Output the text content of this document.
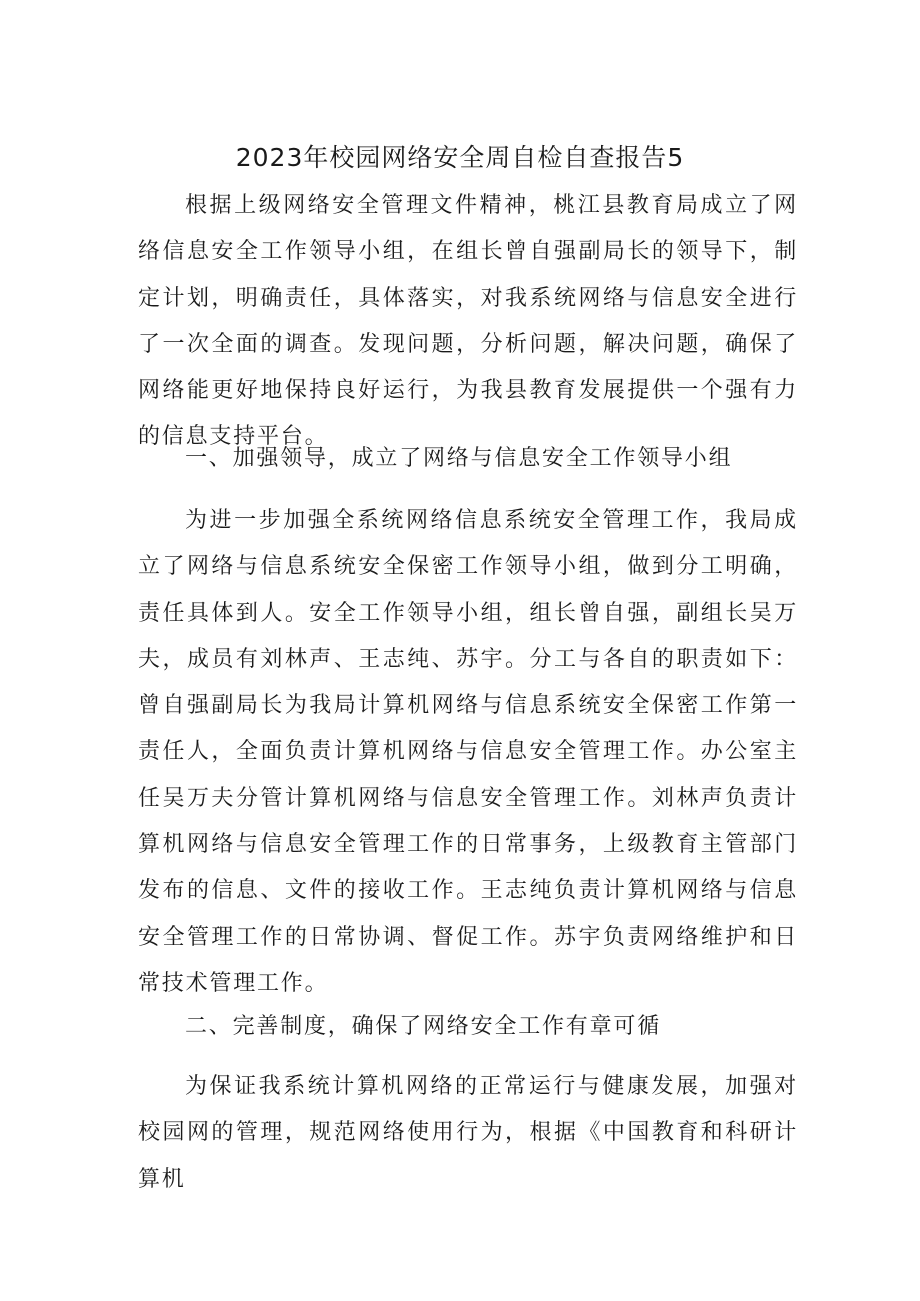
2023年校园网络安全周自检自查报告5

根据上级网络安全管理文件精神，桃江县教育局成立了网络信息安全工作领导小组，在组长曾自强副局长的领导下，制定计划，明确责任，具体落实，对我系统网络与信息安全进行了一次全面的调查。发现问题，分析问题，解决问题，确保了网络能更好地保持良好运行，为我县教育发展提供一个强有力的信息支持平台。

一、加强领导，成立了网络与信息安全工作领导小组

为进一步加强全系统网络信息系统安全管理工作，我局成立了网络与信息系统安全保密工作领导小组，做到分工明确，责任具体到人。安全工作领导小组，组长曾自强，副组长吴万夫，成员有刘林声、王志纯、苏宇。分工与各自的职责如下：曾自强副局长为我局计算机网络与信息系统安全保密工作第一责任人，全面负责计算机网络与信息安全管理工作。办公室主任吴万夫分管计算机网络与信息安全管理工作。刘林声负责计算机网络与信息安全管理工作的日常事务，上级教育主管部门发布的信息、文件的接收工作。王志纯负责计算机网络与信息安全管理工作的日常协调、督促工作。苏宇负责网络维护和日常技术管理工作。

二、完善制度，确保了网络安全工作有章可循

为保证我系统计算机网络的正常运行与健康发展，加强对校园网的管理，规范网络使用行为，根据《中国教育和科研计算机
